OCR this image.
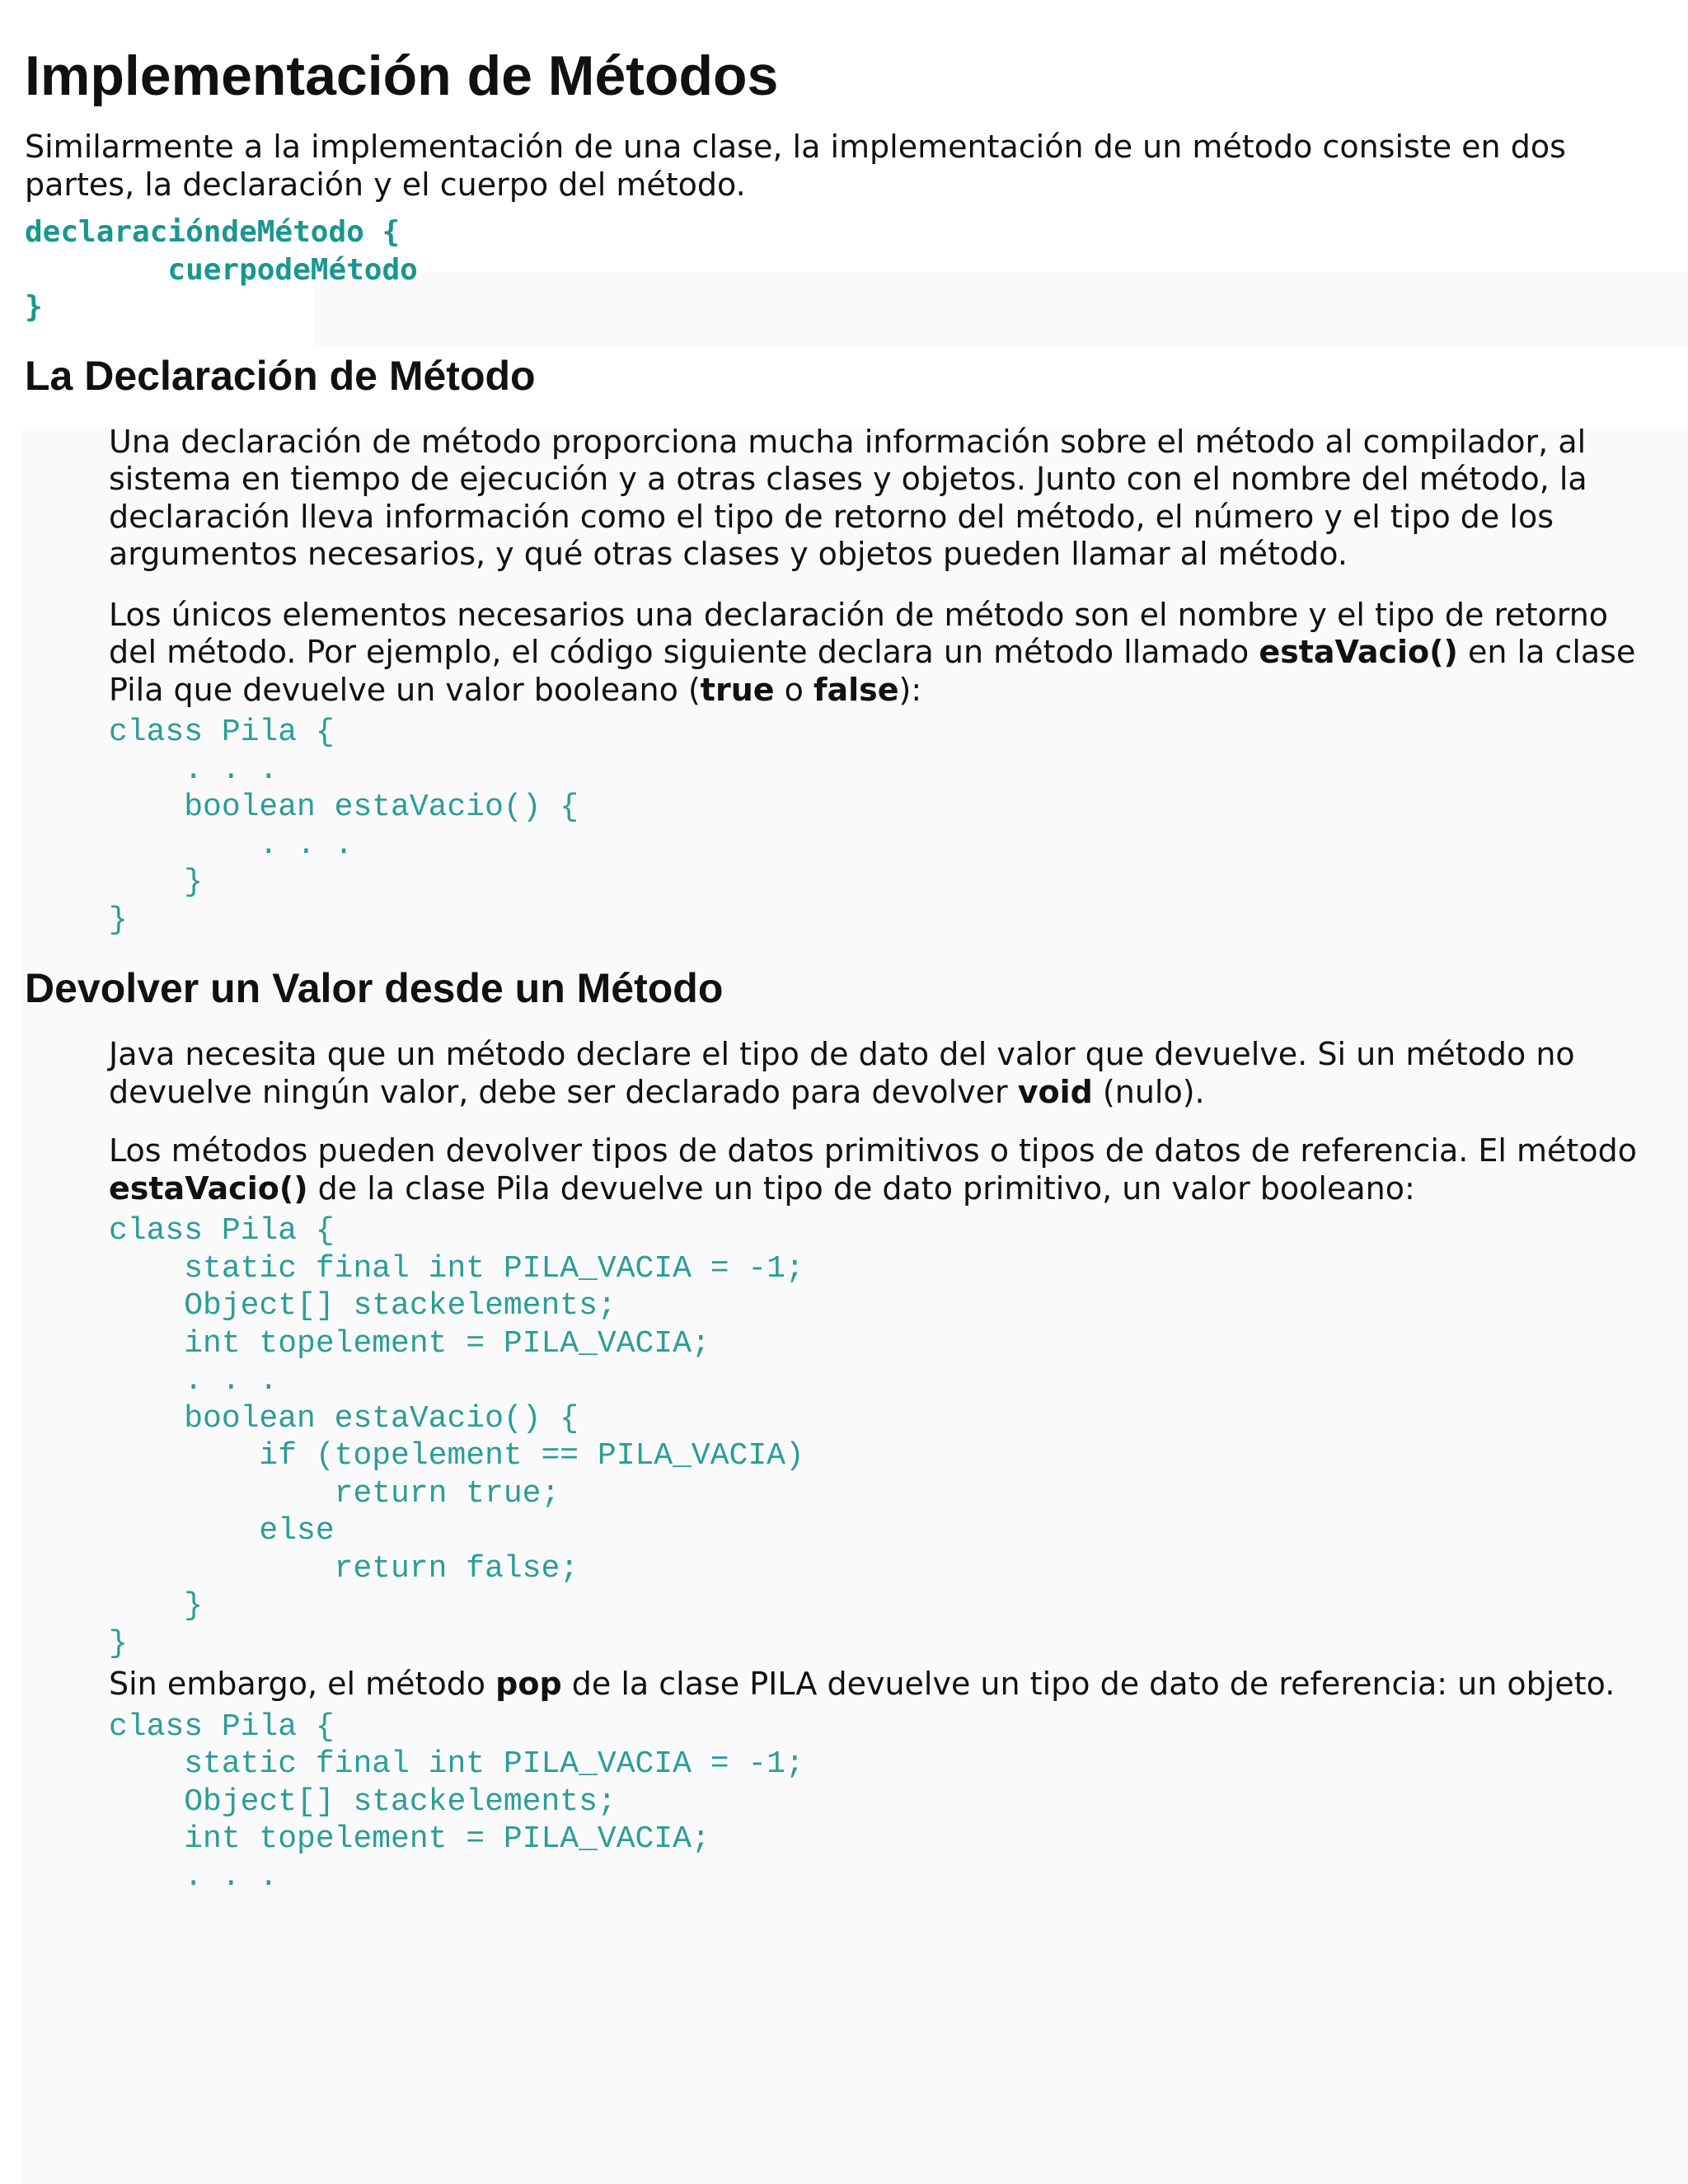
Implementación de Métodos

Similarmente a la implementación de una clase, la implementación de un método consiste en dos partes, la declaración y el cuerpo del método.

declaracióndeMétodo {
cuerpodeMétodo
}
La Declaración de Método

Una declaración de método proporciona mucha información sobre el método al compilador, al sistema en tiempo de ejecución y a otras clases y objetos. Junto con el nombre del método, la declaración lleva información como el tipo de retorno del método, el número y el tipo de los argumentos necesarios, y qué otras clases y objetos pueden llamar al método.

Los únicos elementos necesarios una declaración de método son el nombre y el tipo de retorno del método. Por ejemplo, el código siguiente declara un método llamado estaVacio() en la clase Pila que devuelve un valor booleano (true o false):

class Pila {
. . .
boolean estaVacio() {
. . .
}
}
Devolver un Valor desde un Método

Java necesita que un método declare el tipo de dato del valor que devuelve. Si un método no devuelve ningún valor, debe ser declarado para devolver void (nulo).

Los métodos pueden devolver tipos de datos primitivos o tipos de datos de referencia. El método estaVacio() de la clase Pila devuelve un tipo de dato primitivo, un valor booleano:

class Pila {
static final int PILA_VACIA = -1;
Object[] stackelements;
int topelement = PILA_VACIA;
. . .
boolean estaVacio() {
if (topelement == PILA_VACIA)
return true;
else
return false;
}
}

Sin embargo, el método pop de la clase PILA devuelve un tipo de dato de referencia: un objeto.

class Pila {
static final int PILA_VACIA = -1;
Object[] stackelements;
int topelement = PILA_VACIA;
. . .
